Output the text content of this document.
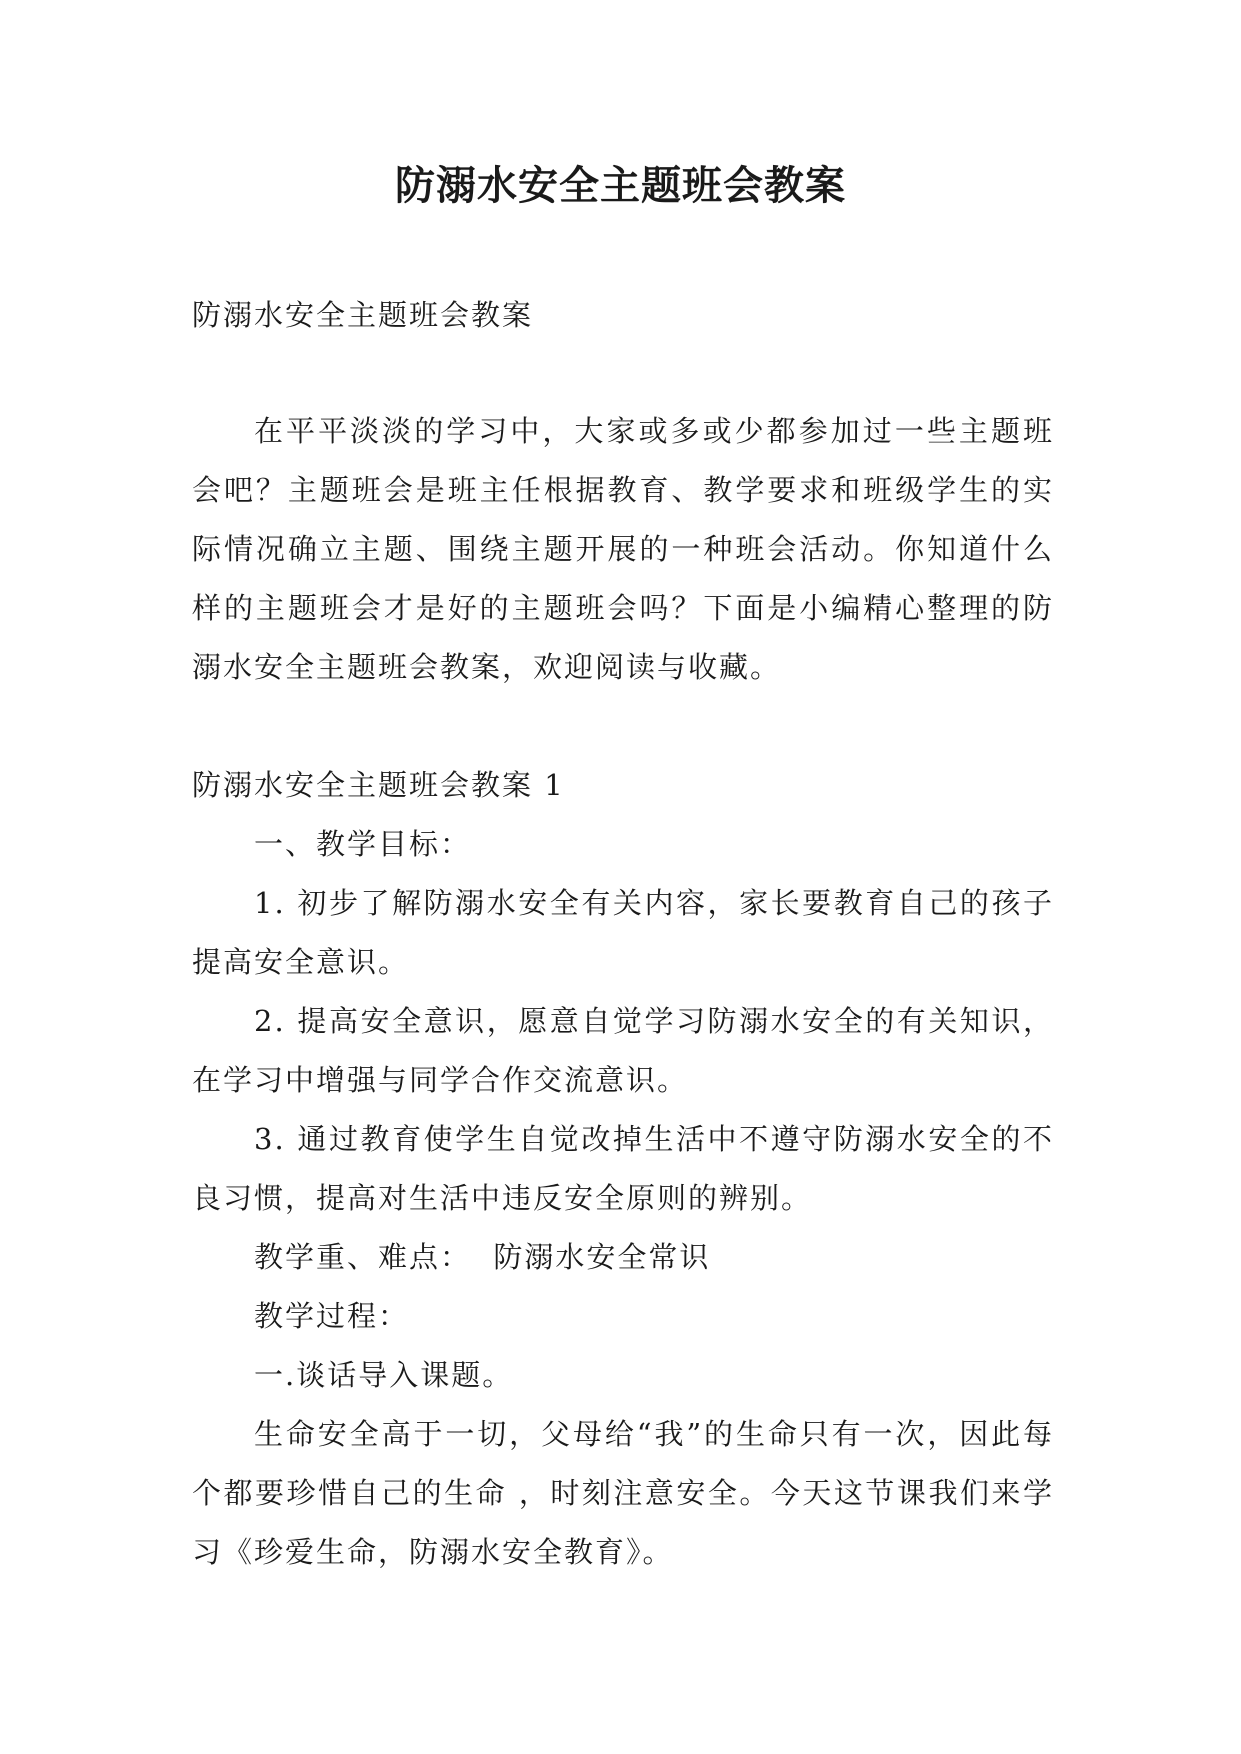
防溺水安全主题班会教案

防溺水安全主题班会教案

在平平淡淡的学习中，大家或多或少都参加过一些主题班会吧？主题班会是班主任根据教育、教学要求和班级学生的实际情况确立主题、围绕主题开展的一种班会活动。你知道什么样的主题班会才是好的主题班会吗？下面是小编精心整理的防溺水安全主题班会教案，欢迎阅读与收藏。

防溺水安全主题班会教案 1

一、教学目标：

1. 初步了解防溺水安全有关内容，家长要教育自己的孩子提高安全意识。

2. 提高安全意识，愿意自觉学习防溺水安全的有关知识，在学习中增强与同学合作交流意识。

3. 通过教育使学生自觉改掉生活中不遵守防溺水安全的不良习惯，提高对生活中违反安全原则的辨别。

教学重、难点：  防溺水安全常识

教学过程：

一.谈话导入课题。

生命安全高于一切，父母给“我”的生命只有一次，因此每个都要珍惜自己的生命 ，时刻注意安全。今天这节课我们来学习《珍爱生命，防溺水安全教育》。
